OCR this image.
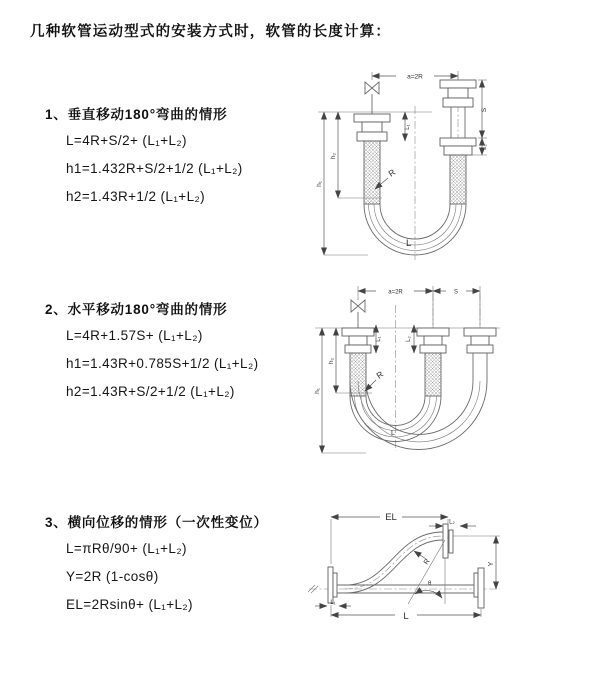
几种软管运动型式的安装方式时，软管的长度计算：
1、垂直移动180°弯曲的情形
L=4R+S/2+ (L₁+L₂)
h1=1.432R+S/2+1/2 (L₁+L₂)
h2=1.43R+1/2 (L₁+L₂)
a=2R
h₁
h₂
L₁
S
L₂
R
L
2、水平移动180°弯曲的情形
L=4R+1.57S+ (L₁+L₂)
h1=1.43R+0.785S+1/2 (L₁+L₂)
h2=1.43R+S/2+1/2 (L₁+L₂)
a=2R	S
h₁
h₂
L₁	L₂
R
L
3、横向位移的情形（一次性变位）
L=πRθ/90+ (L₁+L₂)
Y=2R (1-cosθ)
EL=2Rsinθ+ (L₁+L₂)
EL	L₂
θ
R	Y
L₁
L
